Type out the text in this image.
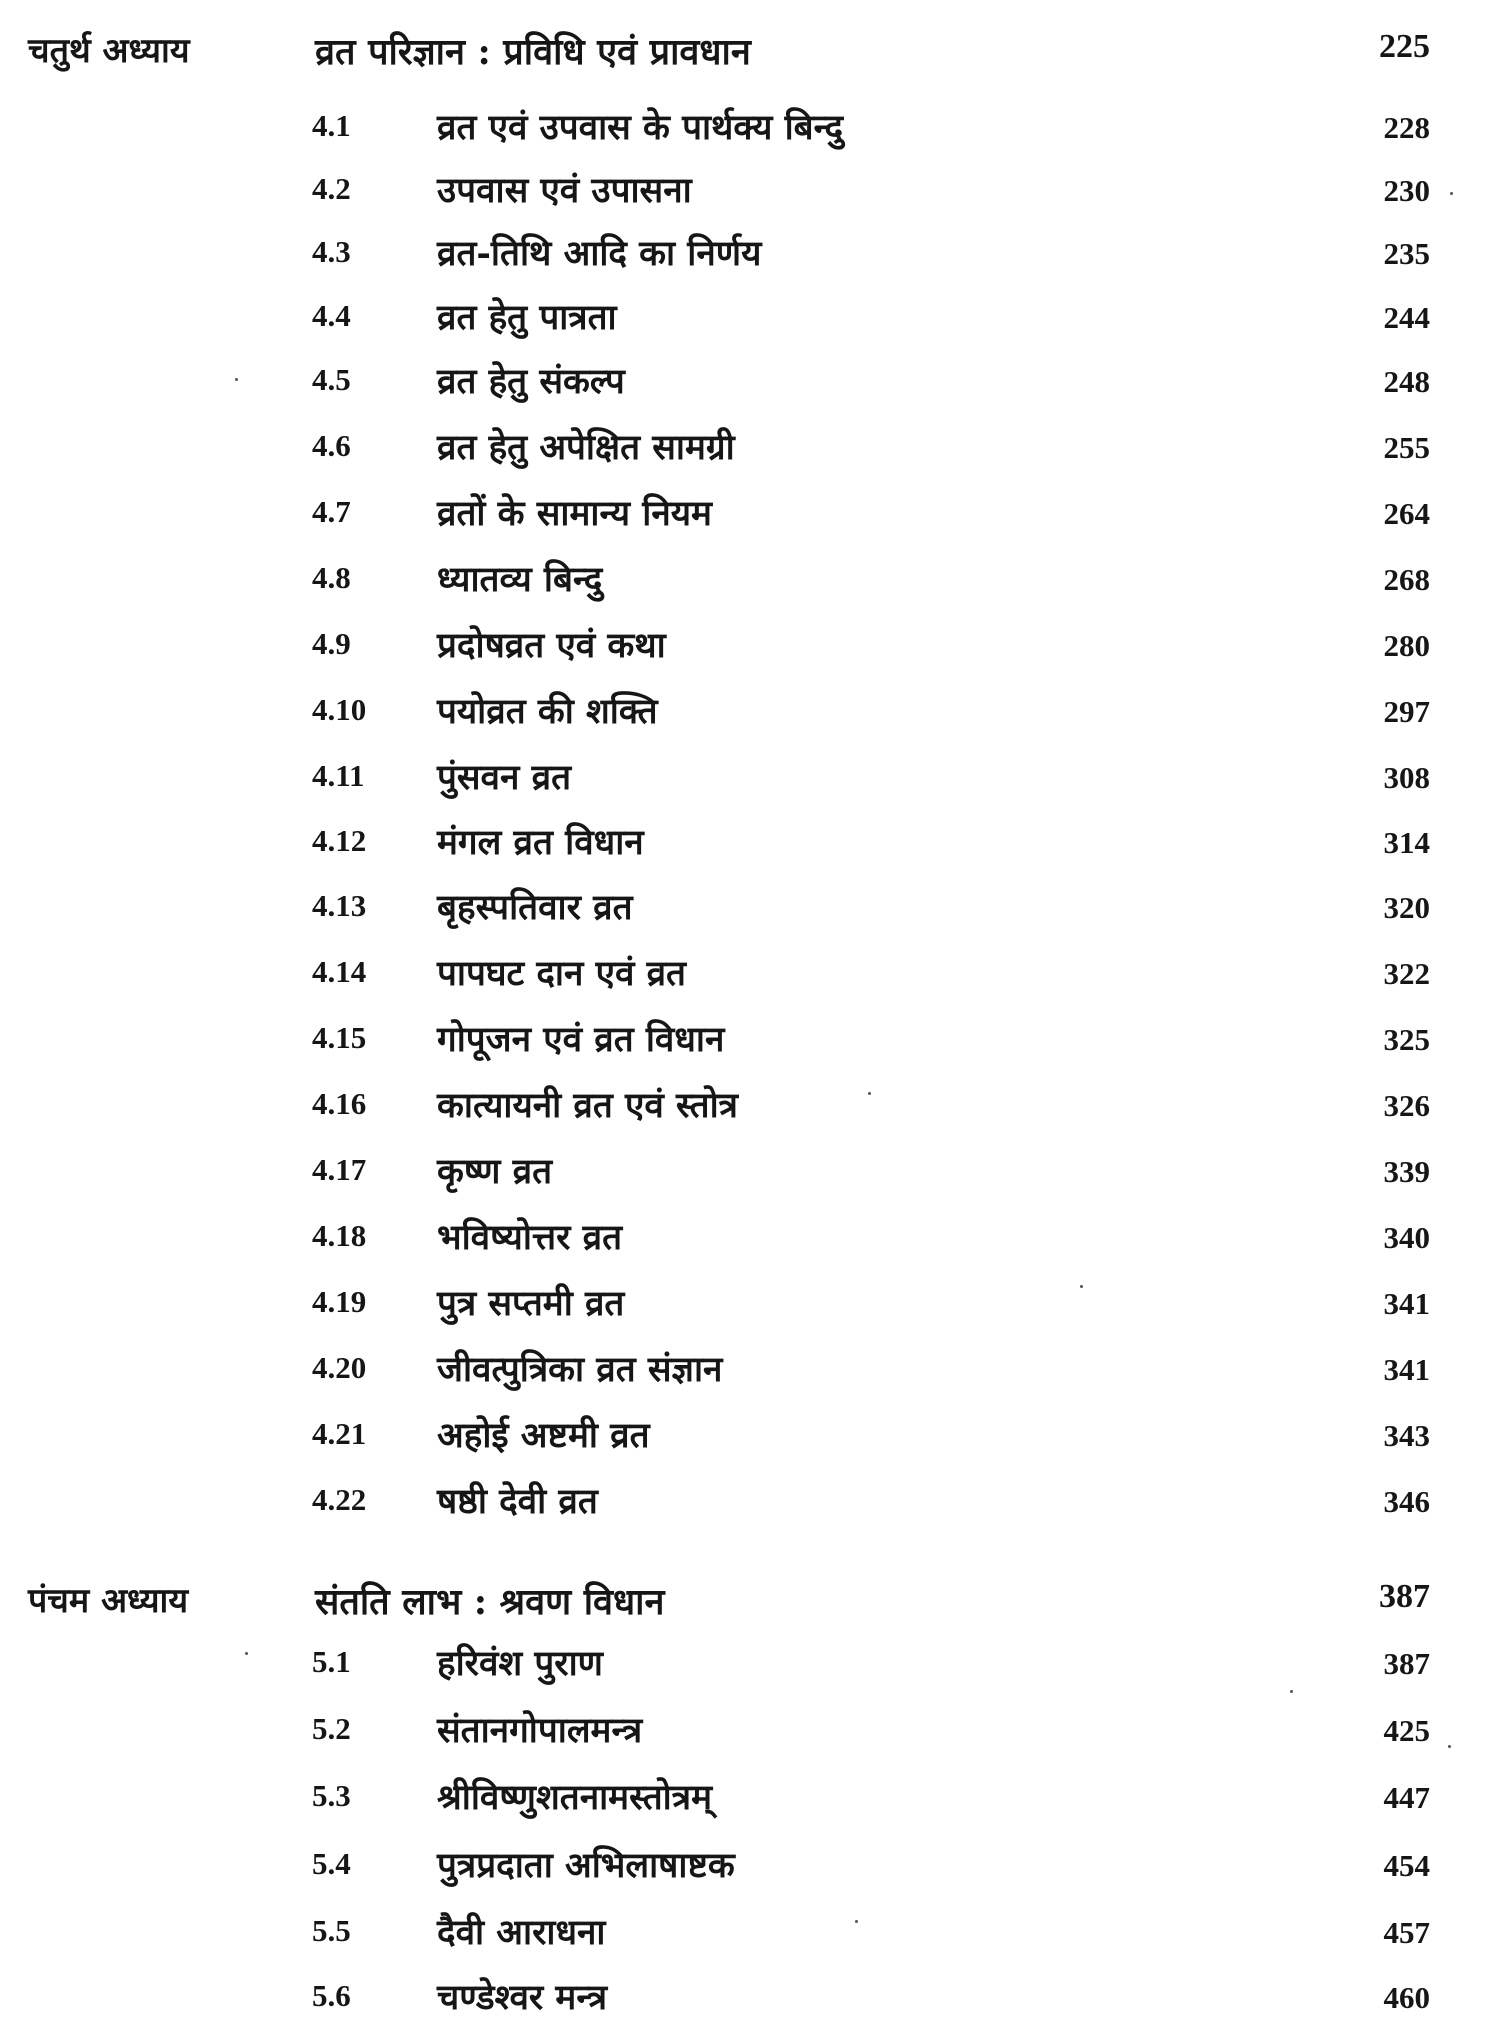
चतुर्थ अध्याय	व्रत परिज्ञान : प्रविधि एवं प्रावधान	225
4.1 व्रत एवं उपवास के पार्थक्य बिन्दु	228
4.2 उपवास एवं उपासना	230
4.3 व्रत-तिथि आदि का निर्णय	235
4.4 व्रत हेतु पात्रता	244
4.5 व्रत हेतु संकल्प	248
4.6 व्रत हेतु अपेक्षित सामग्री	255
4.7 व्रतों के सामान्य नियम	264
4.8 ध्यातव्य बिन्दु	268
4.9 प्रदोषव्रत एवं कथा	280
4.10 पयोव्रत की शक्ति	297
4.11 पुंसवन व्रत	308
4.12 मंगल व्रत विधान	314
4.13 बृहस्पतिवार व्रत	320
4.14 पापघट दान एवं व्रत	322
4.15 गोपूजन एवं व्रत विधान	325
4.16 कात्यायनी व्रत एवं स्तोत्र	326
4.17 कृष्ण व्रत	339
4.18 भविष्योत्तर व्रत	340
4.19 पुत्र सप्तमी व्रत	341
4.20 जीवत्पुत्रिका व्रत संज्ञान	341
4.21 अहोई अष्टमी व्रत	343
4.22 षष्ठी देवी व्रत	346
पंचम अध्याय	संतति लाभ : श्रवण विधान	387
5.1 हरिवंश पुराण	387
5.2 संतानगोपालमन्त्र	425
5.3 श्रीविष्णुशतनामस्तोत्रम्	447
5.4 पुत्रप्रदाता अभिलाषाष्टक	454
5.5 दैवी आराधना	457
5.6 चण्डेश्वर मन्त्र	460
